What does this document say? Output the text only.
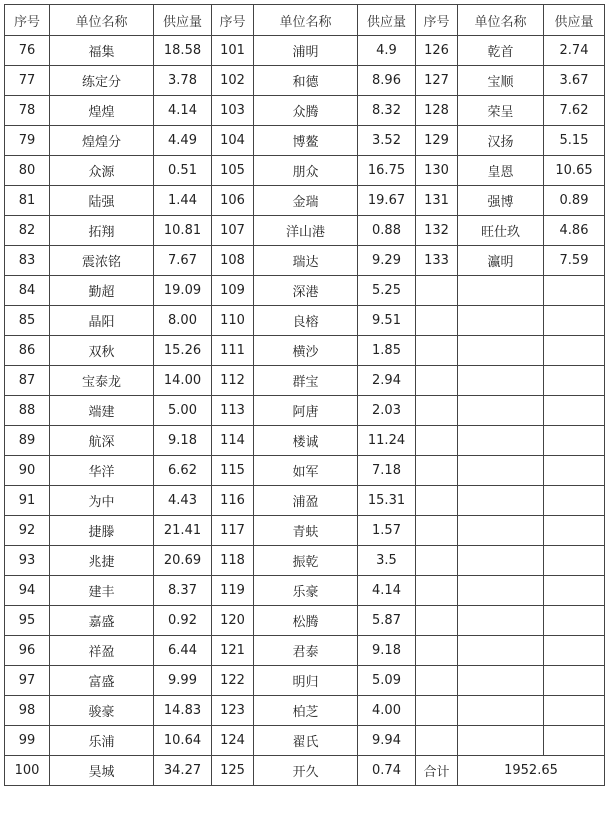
序号	单位名称	供应量	序号	单位名称	供应量	序号	单位名称	供应量
76	福集	18.58	101	浦明	4.9	126	乾首	2.74
77	练定分	3.78	102	和德	8.96	127	宝顺	3.67
78	煌煌	4.14	103	众腾	8.32	128	荣呈	7.62
79	煌煌分	4.49	104	博鳌	3.52	129	汉扬	5.15
80	众源	0.51	105	朋众	16.75	130	皇恩	10.65
81	陆强	1.44	106	金瑞	19.67	131	强博	0.89
82	拓翔	10.81	107	洋山港	0.88	132	旺仕玖	4.86
83	震浓铭	7.67	108	瑞达	9.29	133	瀛明	7.59
84	勤超	19.09	109	深港	5.25			
85	晶阳	8.00	110	良榕	9.51			
86	双秋	15.26	111	横沙	1.85			
87	宝泰龙	14.00	112	群宝	2.94			
88	端建	5.00	113	阿唐	2.03			
89	航深	9.18	114	楼诚	11.24			
90	华洋	6.62	115	如军	7.18			
91	为中	4.43	116	浦盈	15.31			
92	捷滕	21.41	117	青蚨	1.57			
93	兆捷	20.69	118	振乾	3.5			
94	建丰	8.37	119	乐豪	4.14			
95	嘉盛	0.92	120	松腾	5.87			
96	祥盈	6.44	121	君泰	9.18			
97	富盛	9.99	122	明归	5.09			
98	骏豪	14.83	123	柏芝	4.00			
99	乐浦	10.64	124	翟氏	9.94			
100	昊城	34.27	125	开久	0.74	合计	1952.65	
